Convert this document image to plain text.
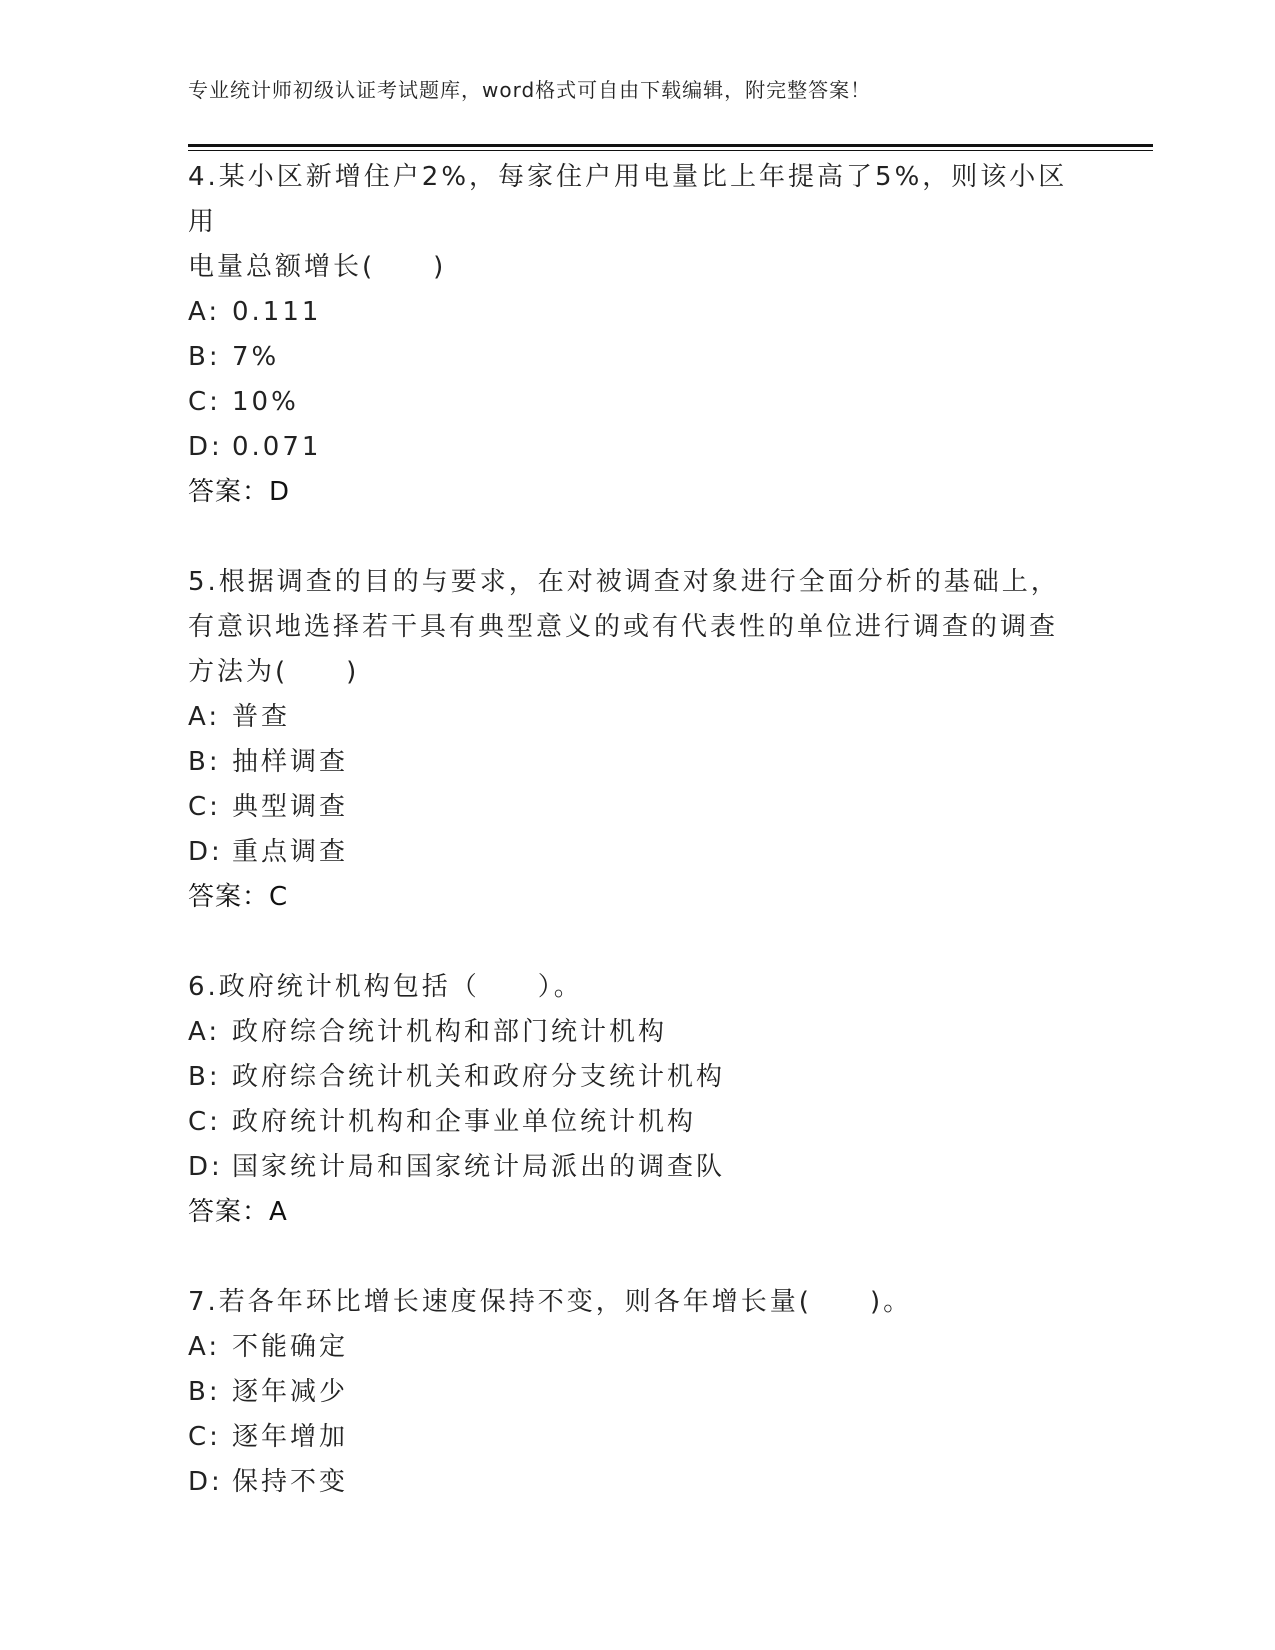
专业统计师初级认证考试题库，word格式可自由下载编辑，附完整答案！
4.某小区新增住户2%，每家住户用电量比上年提高了5%，则该小区用
电量总额增长(　　)
A: 0.111
B: 7%
C: 10%
D: 0.071
答案：D
5.根据调查的目的与要求，在对被调查对象进行全面分析的基础上，
有意识地选择若干具有典型意义的或有代表性的单位进行调查的调查
方法为(　　)
A: 普查
B: 抽样调查
C: 典型调查
D: 重点调查
答案：C
6.政府统计机构包括（　　）。
A: 政府综合统计机构和部门统计机构
B: 政府综合统计机关和政府分支统计机构
C: 政府统计机构和企事业单位统计机构
D: 国家统计局和国家统计局派出的调查队
答案：A
7.若各年环比增长速度保持不变，则各年增长量(　　)。
A: 不能确定
B: 逐年减少
C: 逐年增加
D: 保持不变
